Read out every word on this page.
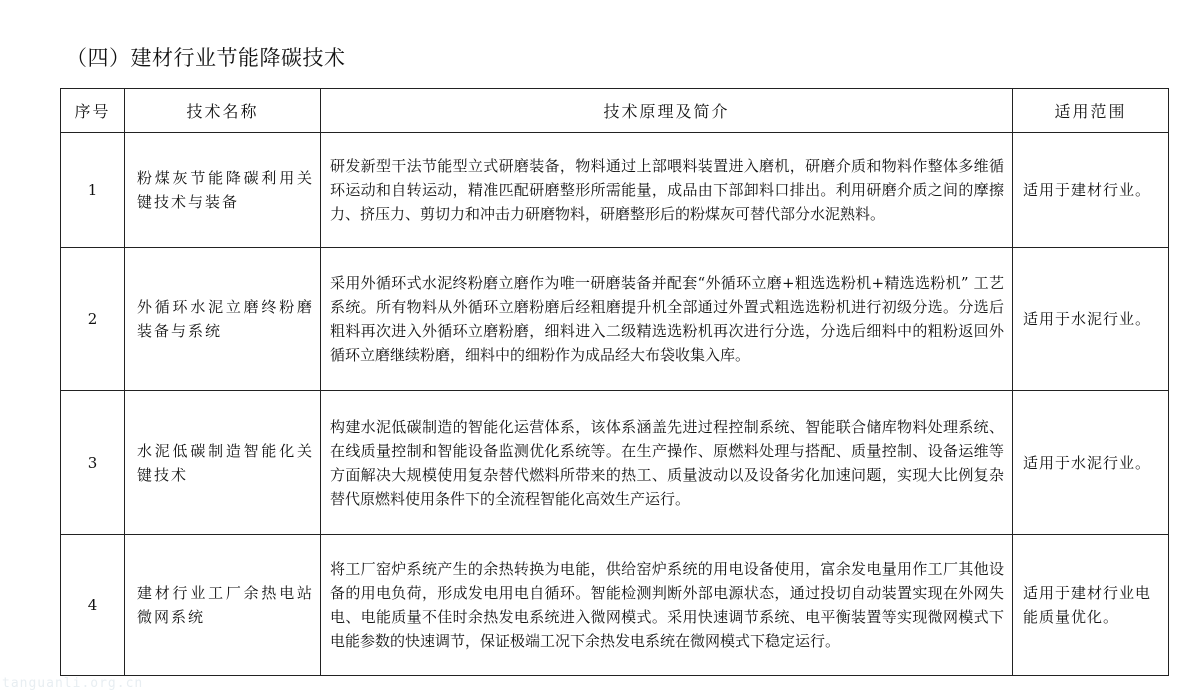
（四）建材行业节能降碳技术
序号	技术名称	技术原理及简介	适用范围
1	粉煤灰节能降碳利用关键技术与装备	研发新型干法节能型立式研磨装备，物料通过上部喂料装置进入磨机，研磨介质和物料作整体多维循环运动和自转运动，精准匹配研磨整形所需能量，成品由下部卸料口排出。利用研磨介质之间的摩擦力、挤压力、剪切力和冲击力研磨物料，研磨整形后的粉煤灰可替代部分水泥熟料。	适用于建材行业。
2	外循环水泥立磨终粉磨装备与系统	采用外循环式水泥终粉磨立磨作为唯一研磨装备并配套“外循环立磨+粗选选粉机+精选选粉机” 工艺系统。所有物料从外循环立磨粉磨后经粗磨提升机全部通过外置式粗选选粉机进行初级分选。分选后粗料再次进入外循环立磨粉磨，细料进入二级精选选粉机再次进行分选，分选后细料中的粗粉返回外循环立磨继续粉磨，细料中的细粉作为成品经大布袋收集入库。	适用于水泥行业。
3	水泥低碳制造智能化关键技术	构建水泥低碳制造的智能化运营体系，该体系涵盖先进过程控制系统、智能联合储库物料处理系统、在线质量控制和智能设备监测优化系统等。在生产操作、原燃料处理与搭配、质量控制、设备运维等方面解决大规模使用复杂替代燃料所带来的热工、质量波动以及设备劣化加速问题，实现大比例复杂替代原燃料使用条件下的全流程智能化高效生产运行。	适用于水泥行业。
4	建材行业工厂余热电站微网系统	将工厂窑炉系统产生的余热转换为电能，供给窑炉系统的用电设备使用，富余发电量用作工厂其他设备的用电负荷，形成发电用电自循环。智能检测判断外部电源状态，通过投切自动装置实现在外网失电、电能质量不佳时余热发电系统进入微网模式。采用快速调节系统、电平衡装置等实现微网模式下电能参数的快速调节，保证极端工况下余热发电系统在微网模式下稳定运行。	适用于建材行业电能质量优化。
tanguanli.org.cn
